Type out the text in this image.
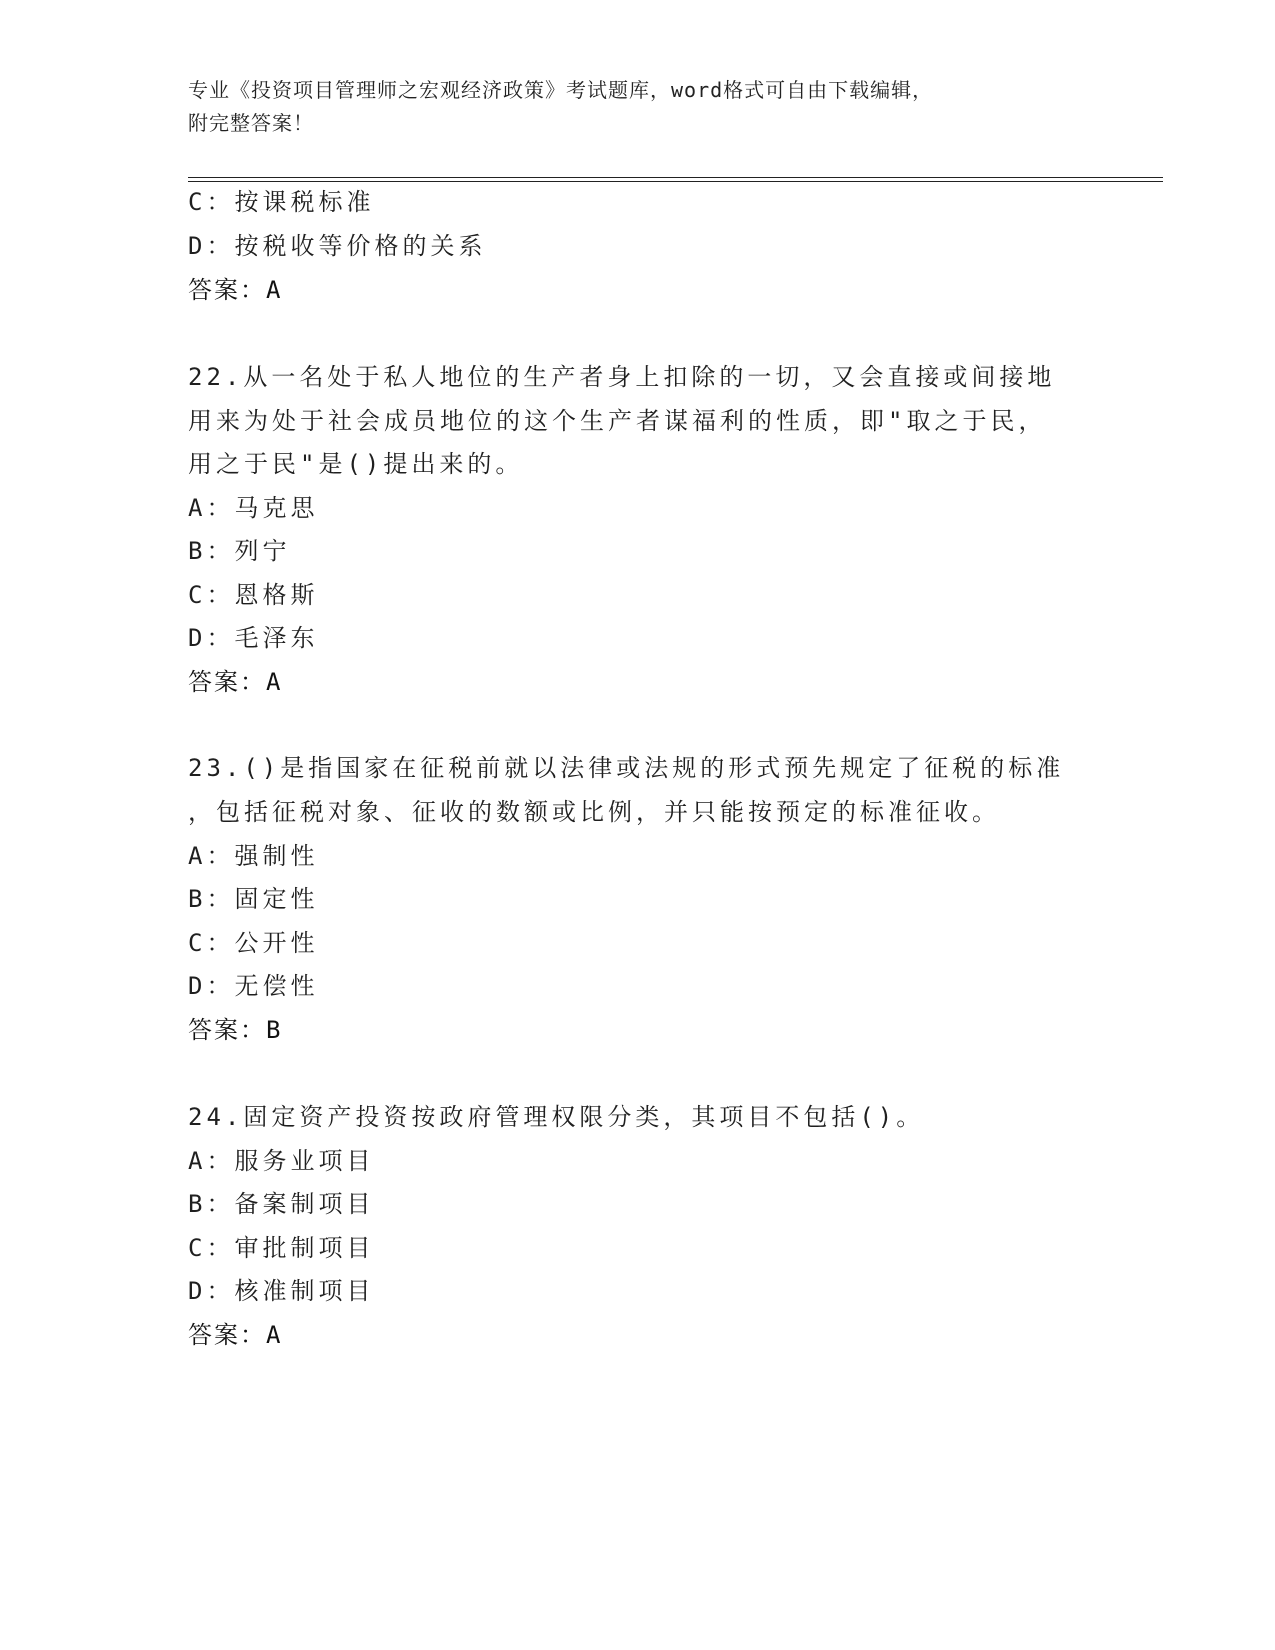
专业《投资项目管理师之宏观经济政策》考试题库，word格式可自由下载编辑，
附完整答案！
C：按课税标准
D：按税收等价格的关系
答案：A
22.从一名处于私人地位的生产者身上扣除的一切，又会直接或间接地
用来为处于社会成员地位的这个生产者谋福利的性质，即"取之于民，
用之于民"是()提出来的。
A：马克思
B：列宁
C：恩格斯
D：毛泽东
答案：A
23.()是指国家在征税前就以法律或法规的形式预先规定了征税的标准
，包括征税对象、征收的数额或比例，并只能按预定的标准征收。
A：强制性
B：固定性
C：公开性
D：无偿性
答案：B
24.固定资产投资按政府管理权限分类，其项目不包括()。
A：服务业项目
B：备案制项目
C：审批制项目
D：核准制项目
答案：A
